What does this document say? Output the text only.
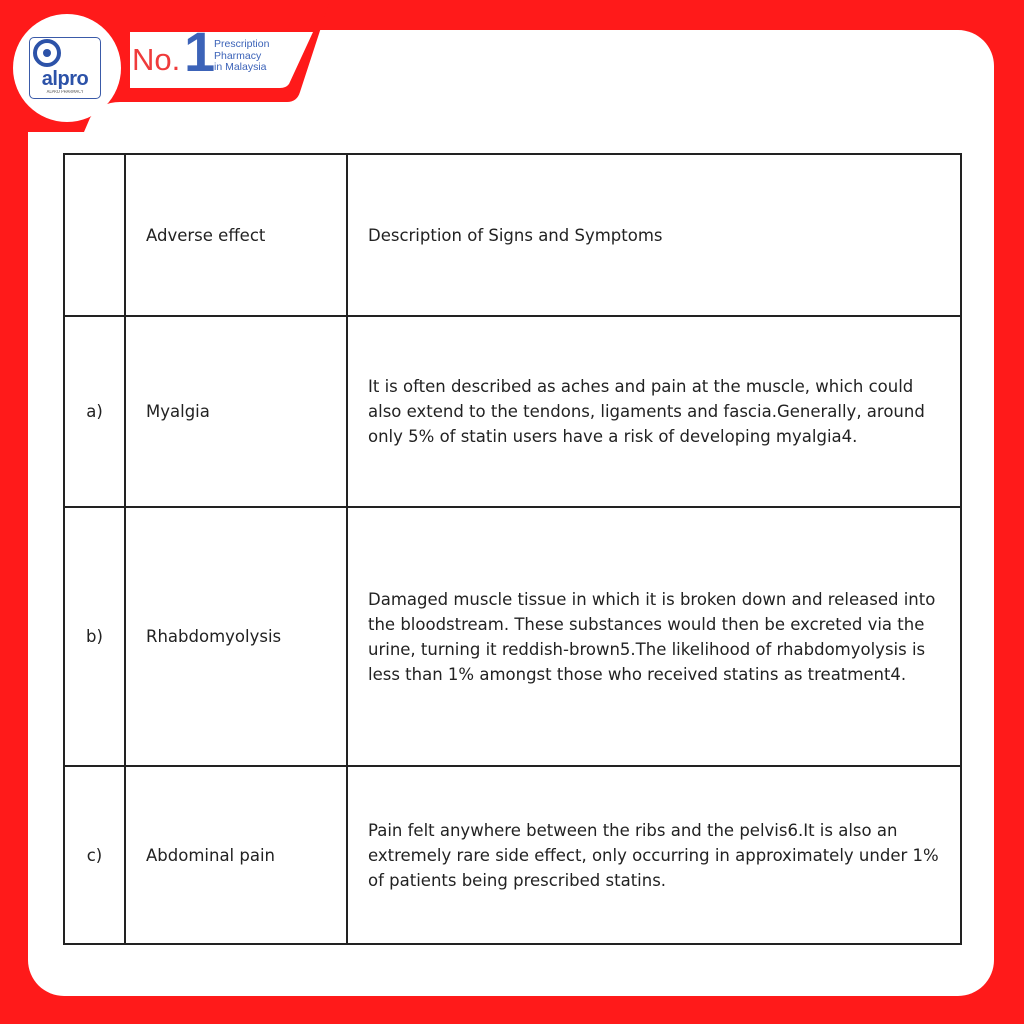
alpro
ALPRO PHARMACY
No. 1
Prescription
Pharmacy
in Malaysia
	Adverse effect	Description of Signs and Symptoms
a)	Myalgia	It is often described as aches and pain at the muscle, which could also extend to the tendons, ligaments and fascia.Generally, around only 5% of statin users have a risk of developing myalgia4.
b)	Rhabdomyolysis	Damaged muscle tissue in which it is broken down and released into the bloodstream. These substances would then be excreted via the urine, turning it reddish-brown5.The likelihood of rhabdomyolysis is less than 1% amongst those who received statins as treatment4.
c)	Abdominal pain	Pain felt anywhere between the ribs and the pelvis6.It is also an extremely rare side effect, only occurring in approximately under 1% of patients being prescribed statins.
